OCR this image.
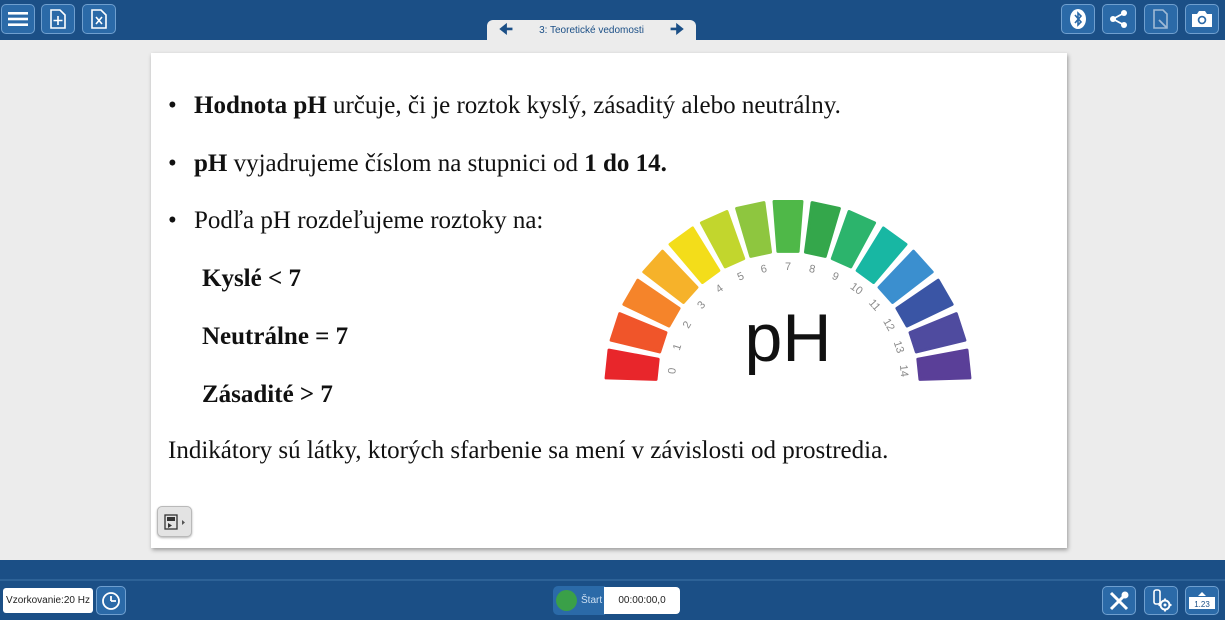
🠈	3: Teoretické vedomosti 🠊
• Hodnota pH určuje, či je roztok kyslý, zásaditý alebo neutrálny.
• pH vyjadrujeme číslom na stupnici od 1 do 14.
• Podľa pH rozdeľujeme roztoky na:
Kyslé < 7
Neutrálne = 7
Zásadité > 7
Indikátory sú látky, ktorých sfarbenie sa mení v závislosti od prostredia.
pH
0
1
2
3
4
5
6 7 8
9
10
11
12
13
14
Vzorkovanie:20 Hz	Štart	00:00:00,0	1.23
